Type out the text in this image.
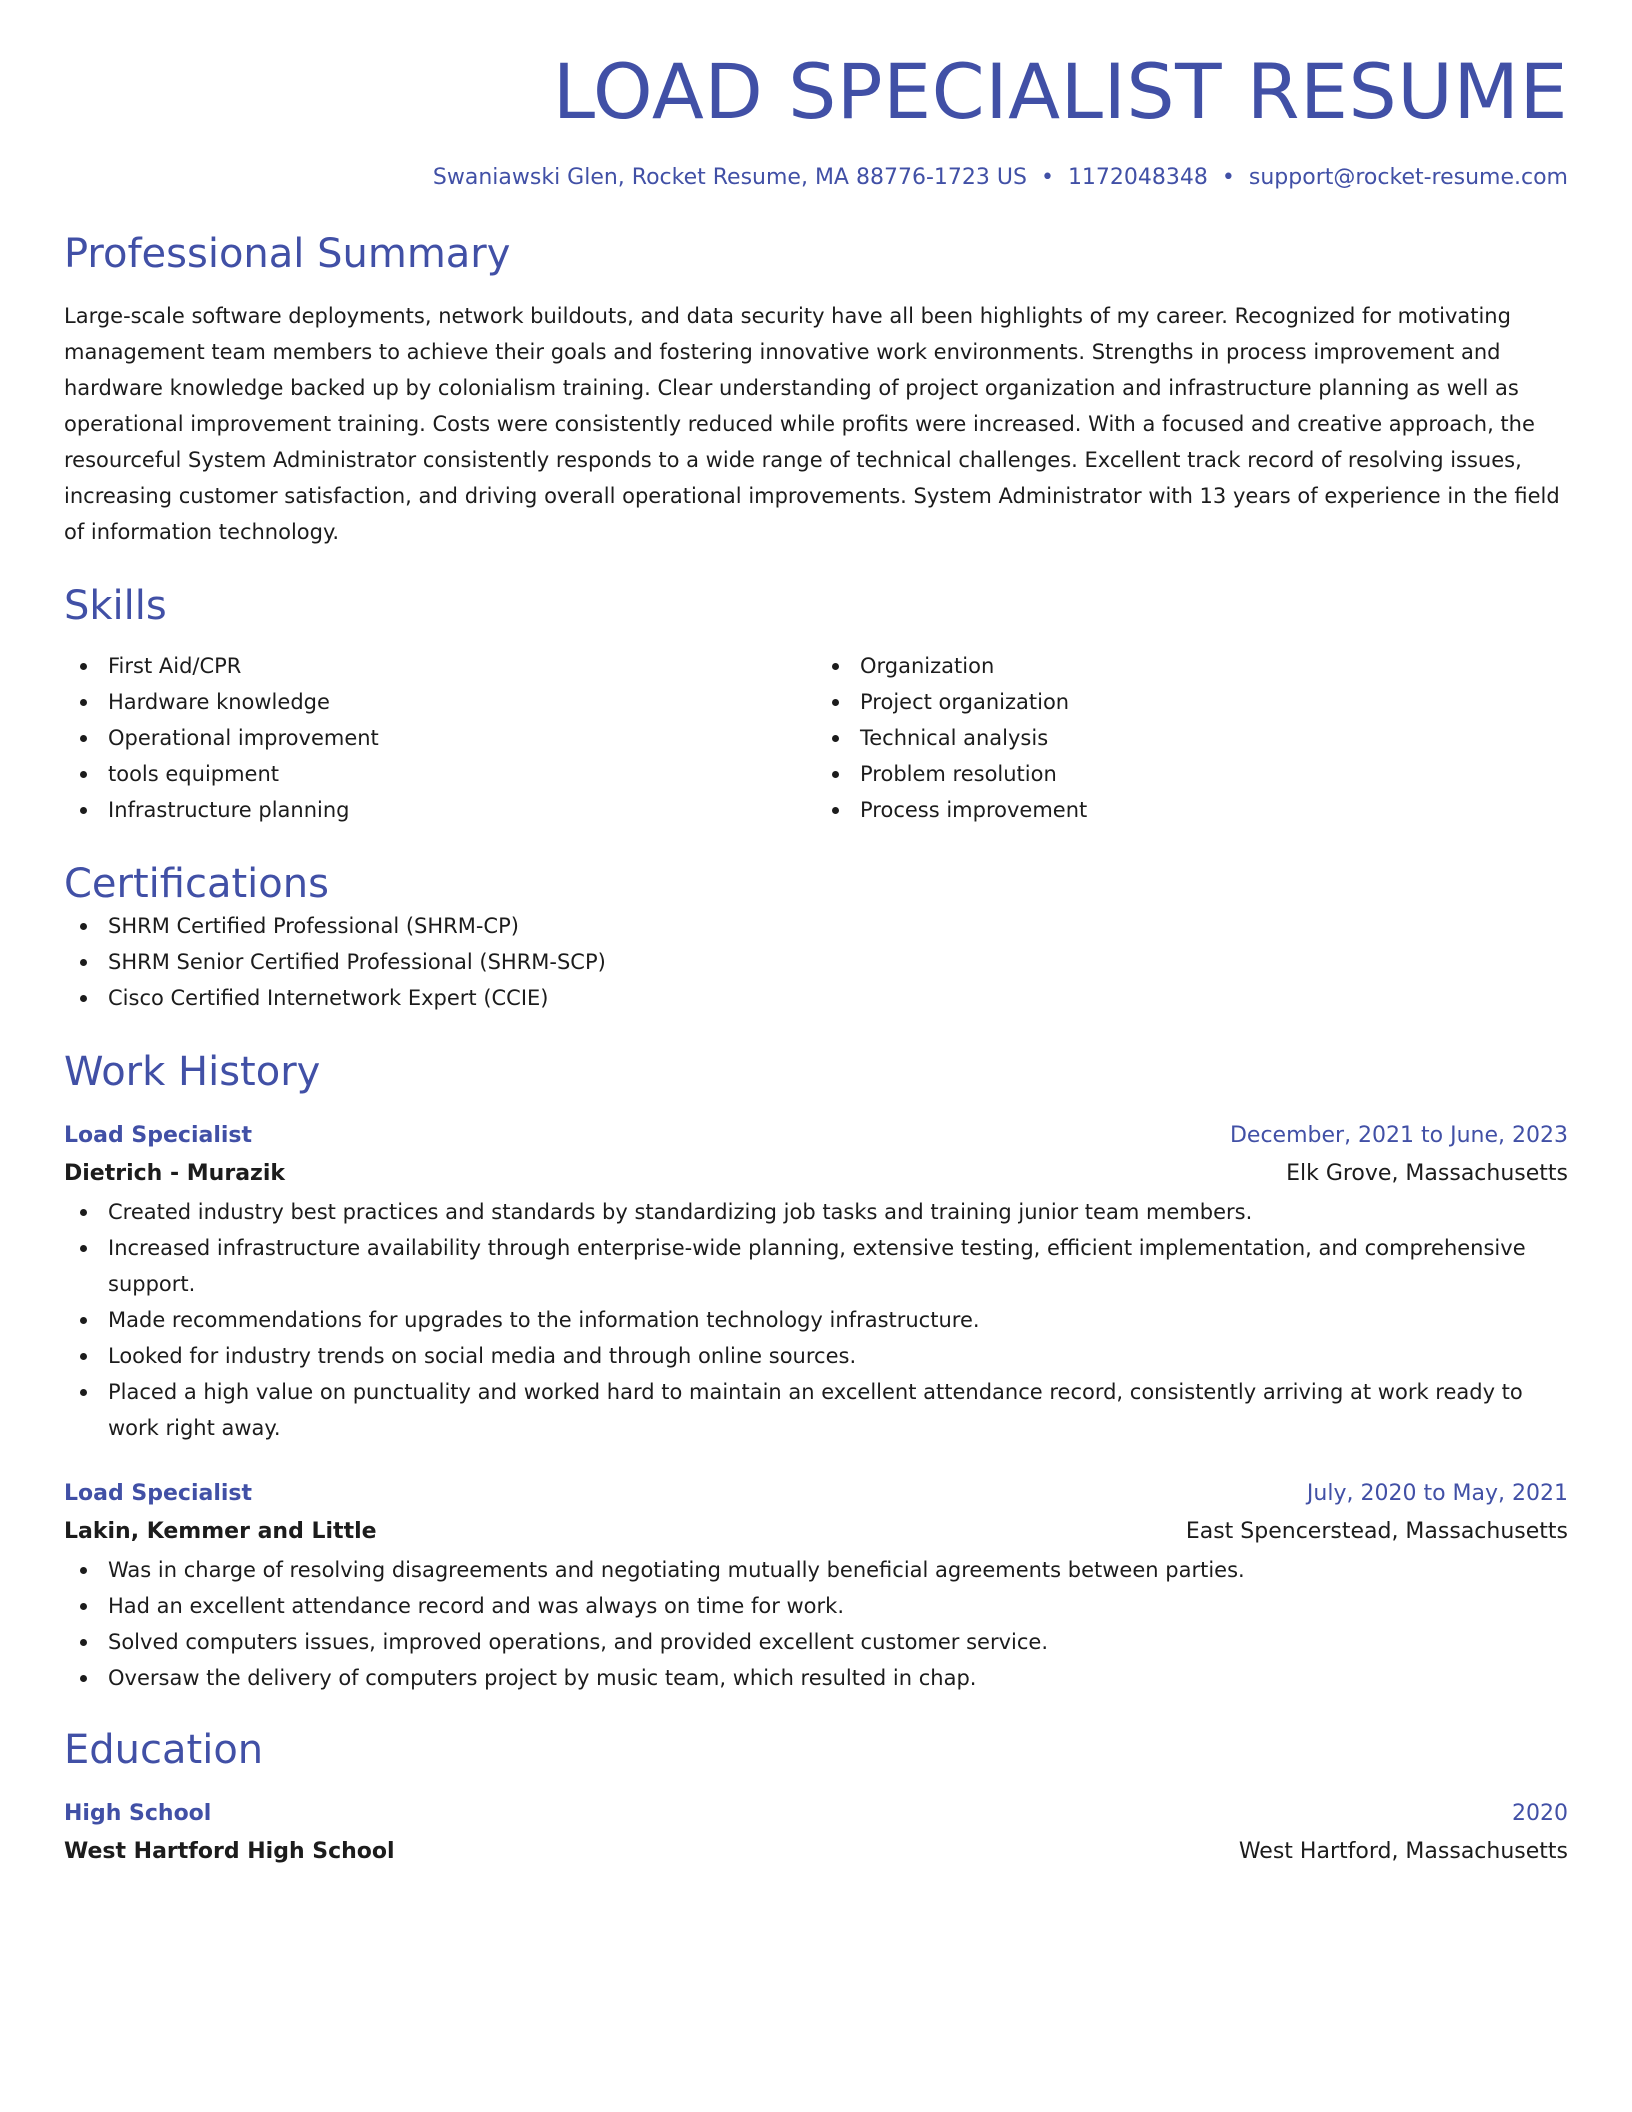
LOAD SPECIALIST RESUME
Swaniawski Glen, Rocket Resume, MA 88776-1723 US • 1172048348 • support@rocket-resume.com
Professional Summary

Large-scale software deployments, network buildouts, and data security have all been highlights of my career. Recognized for motivating management team members to achieve their goals and fostering innovative work environments. Strengths in process improvement and hardware knowledge backed up by colonialism training. Clear understanding of project organization and infrastructure planning as well as operational improvement training. Costs were consistently reduced while profits were increased. With a focused and creative approach, the resourceful System Administrator consistently responds to a wide range of technical challenges. Excellent track record of resolving issues, increasing customer satisfaction, and driving overall operational improvements. System Administrator with 13 years of experience in the field of information technology.

Skills
First Aid/CPR
Hardware knowledge
Operational improvement
tools equipment
Infrastructure planning
Organization
Project organization
Technical analysis
Problem resolution
Process improvement
Certifications
SHRM Certified Professional (SHRM-CP)
SHRM Senior Certified Professional (SHRM-SCP)
Cisco Certified Internetwork Expert (CCIE)
Work History
Load Specialist	December, 2021 to June, 2023
Dietrich - Murazik	Elk Grove, Massachusetts
Created industry best practices and standards by standardizing job tasks and training junior team members.
Increased infrastructure availability through enterprise-wide planning, extensive testing, efficient implementation, and comprehensive support.
Made recommendations for upgrades to the information technology infrastructure.
Looked for industry trends on social media and through online sources.
Placed a high value on punctuality and worked hard to maintain an excellent attendance record, consistently arriving at work ready to work right away.
Load Specialist	July, 2020 to May, 2021
Lakin, Kemmer and Little	East Spencerstead, Massachusetts
Was in charge of resolving disagreements and negotiating mutually beneficial agreements between parties.
Had an excellent attendance record and was always on time for work.
Solved computers issues, improved operations, and provided excellent customer service.
Oversaw the delivery of computers project by music team, which resulted in chap.
Education
High School	2020
West Hartford High School	West Hartford, Massachusetts
